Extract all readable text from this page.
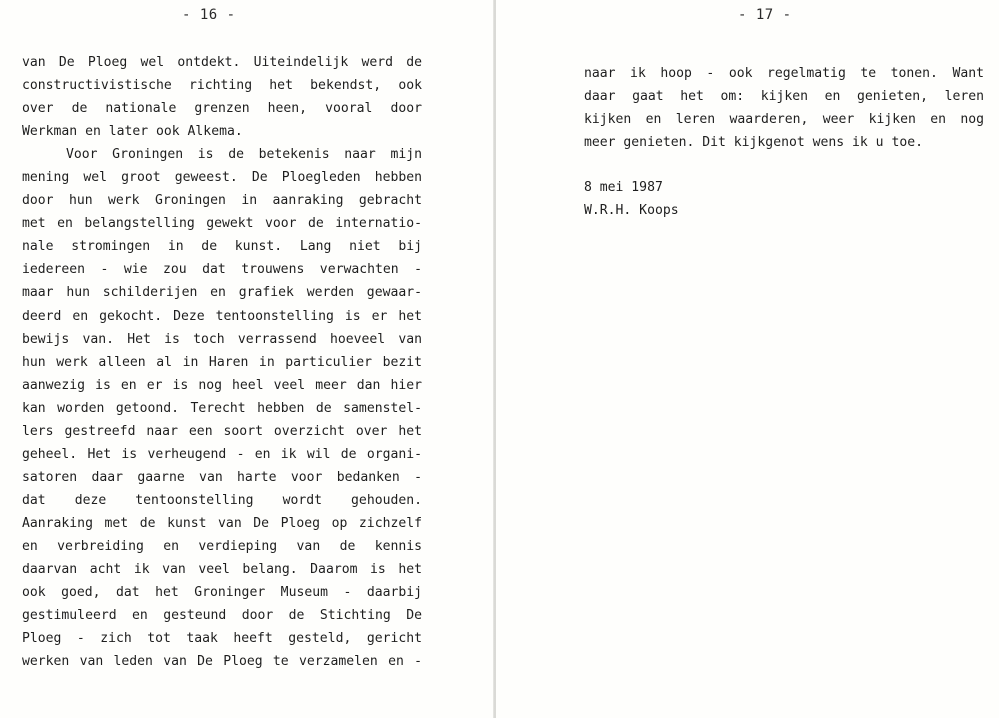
- 16 -
van De Ploeg wel ontdekt. Uiteindelijk werd de
constructivistische richting het bekendst, ook
over de nationale grenzen heen, vooral door
Werkman en later ook Alkema.
Voor Groningen is de betekenis naar mijn
mening wel groot geweest. De Ploegleden hebben
door hun werk Groningen in aanraking gebracht
met en belangstelling gewekt voor de internatio-
nale stromingen in de kunst. Lang niet bij
iedereen - wie zou dat trouwens verwachten -
maar hun schilderijen en grafiek werden gewaar-
deerd en gekocht. Deze tentoonstelling is er het
bewijs van. Het is toch verrassend hoeveel van
hun werk alleen al in Haren in particulier bezit
aanwezig is en er is nog heel veel meer dan hier
kan worden getoond. Terecht hebben de samenstel-
lers gestreefd naar een soort overzicht over het
geheel. Het is verheugend - en ik wil de organi-
satoren daar gaarne van harte voor bedanken -
dat deze tentoonstelling wordt gehouden.
Aanraking met de kunst van De Ploeg op zichzelf
en verbreiding en verdieping van de kennis
daarvan acht ik van veel belang. Daarom is het
ook goed, dat het Groninger Museum - daarbij
gestimuleerd en gesteund door de Stichting De
Ploeg - zich tot taak heeft gesteld, gericht
werken van leden van De Ploeg te verzamelen en -
- 17 -
naar ik hoop - ook regelmatig te tonen. Want
daar gaat het om: kijken en genieten, leren
kijken en leren waarderen, weer kijken en nog
meer genieten. Dit kijkgenot wens ik u toe.
8 mei 1987
W.R.H. Koops
